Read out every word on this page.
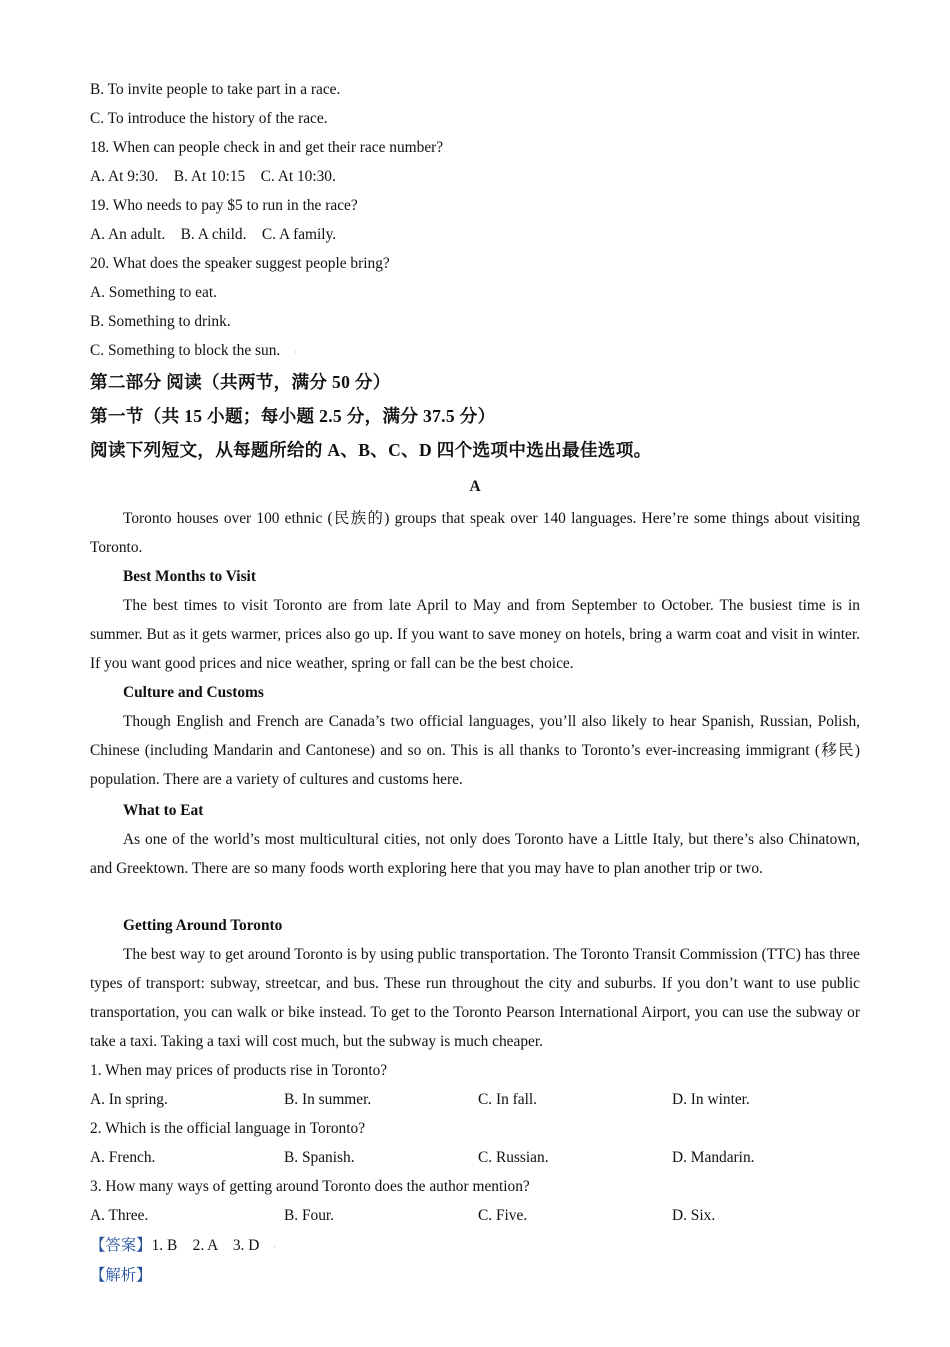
B. To invite people to take part in a race.
C. To introduce the history of the race.
18. When can people check in and get their race number?
A. At 9:30.    B. At 10:15    C. At 10:30.
19. Who needs to pay $5 to run in the race?
A. An adult.    B. A child.    C. A family.
20. What does the speaker suggest people bring?
A. Something to eat.
B. Something to drink.
C. Something to block the sun. ·
第二部分 阅读（共两节，满分 50 分）
第一节（共 15 小题；每小题 2.5 分，满分 37.5 分）
阅读下列短文，从每题所给的 A、B、C、D 四个选项中选出最佳选项。
A
Toronto houses over 100 ethnic (民族的) groups that speak over 140 languages. Here’re some things about visiting Toronto.
Best Months to Visit
The best times to visit Toronto are from late April to May and from September to October. The busiest time is in summer. But as it gets warmer, prices also go up. If you want to save money on hotels, bring a warm coat and visit in winter. If you want good prices and nice weather, spring or fall can be the best choice.
Culture and Customs
Though English and French are Canada’s two official languages, you’ll also likely to hear Spanish, Russian, Polish, Chinese (including Mandarin and Cantonese) and so on. This is all thanks to Toronto’s ever-increasing immigrant (移民) population. There are a variety of cultures and customs here.
What to Eat
As one of the world’s most multicultural cities, not only does Toronto have a Little Italy, but there’s also Chinatown, and Greektown. There are so many foods worth exploring here that you may have to plan another trip or two.
Getting Around Toronto
The best way to get around Toronto is by using public transportation. The Toronto Transit Commission (TTC) has three types of transport: subway, streetcar, and bus. These run throughout the city and suburbs. If you don’t want to use public transportation, you can walk or bike instead. To get to the Toronto Pearson International Airport, you can use the subway or take a taxi. Taking a taxi will cost much, but the subway is much cheaper.
1. When may prices of products rise in Toronto?
A. In spring.	B. In summer.	C. In fall.	D. In winter.
2. Which is the official language in Toronto?
A. French.	B. Spanish.	C. Russian.	D. Mandarin.
3. How many ways of getting around Toronto does the author mention?
A. Three.	B. Four.	C. Five.	D. Six.
【答案】1. B    2. A    3. D ·
【解析】
